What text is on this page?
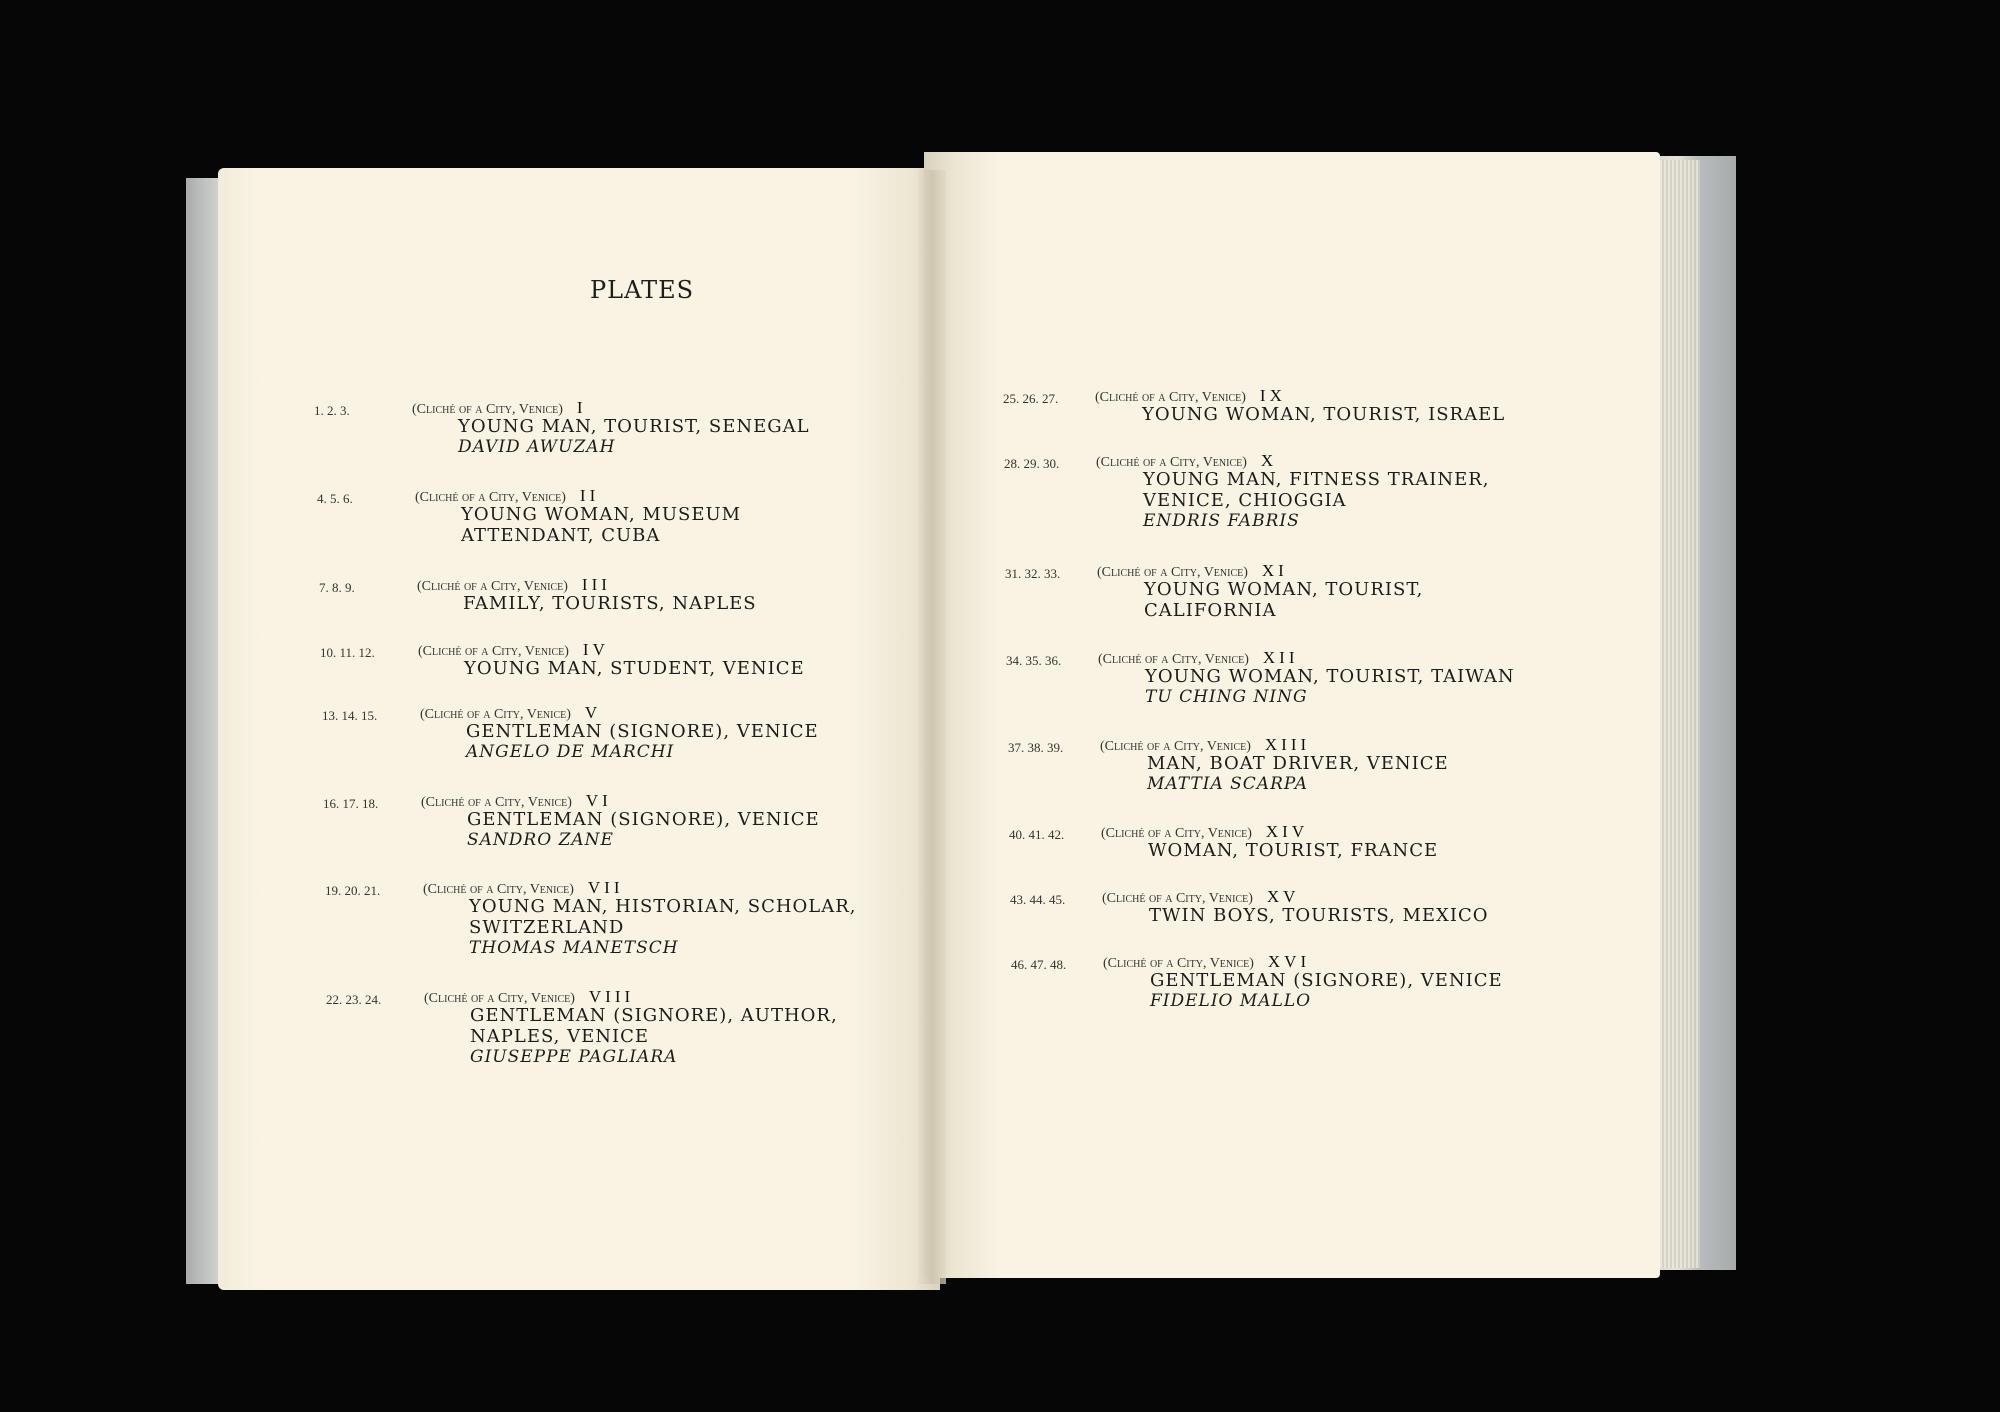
PLATES
1. 2. 3.	(Cliché of a City, Venice) I
YOUNG MAN, TOURIST, SENEGAL
DAVID AWUZAH
4. 5. 6.	(Cliché of a City, Venice) II
YOUNG WOMAN, MUSEUM
ATTENDANT, CUBA
7. 8. 9.	(Cliché of a City, Venice) III
FAMILY, TOURISTS, NAPLES
10. 11. 12.	(Cliché of a City, Venice) IV
YOUNG MAN, STUDENT, VENICE
13. 14. 15.	(Cliché of a City, Venice) V
GENTLEMAN (SIGNORE), VENICE
ANGELO DE MARCHI
16. 17. 18.	(Cliché of a City, Venice) VI
GENTLEMAN (SIGNORE), VENICE
SANDRO ZANE
19. 20. 21.	(Cliché of a City, Venice) VII
YOUNG MAN, HISTORIAN, SCHOLAR,
SWITZERLAND
THOMAS MANETSCH
22. 23. 24.	(Cliché of a City, Venice) VIII
GENTLEMAN (SIGNORE), AUTHOR,
NAPLES, VENICE
GIUSEPPE PAGLIARA
25. 26. 27.	(Cliché of a City, Venice) IX
YOUNG WOMAN, TOURIST, ISRAEL
28. 29. 30.	(Cliché of a City, Venice) X
YOUNG MAN, FITNESS TRAINER,
VENICE, CHIOGGIA
ENDRIS FABRIS
31. 32. 33.	(Cliché of a City, Venice) XI
YOUNG WOMAN, TOURIST,
CALIFORNIA
34. 35. 36.	(Cliché of a City, Venice) XII
YOUNG WOMAN, TOURIST, TAIWAN
TU CHING NING
37. 38. 39.	(Cliché of a City, Venice) XIII
MAN, BOAT DRIVER, VENICE
MATTIA SCARPA
40. 41. 42.	(Cliché of a City, Venice) XIV
WOMAN, TOURIST, FRANCE
43. 44. 45.	(Cliché of a City, Venice) XV
TWIN BOYS, TOURISTS, MEXICO
46. 47. 48.	(Cliché of a City, Venice) XVI
GENTLEMAN (SIGNORE), VENICE
FIDELIO MALLO
